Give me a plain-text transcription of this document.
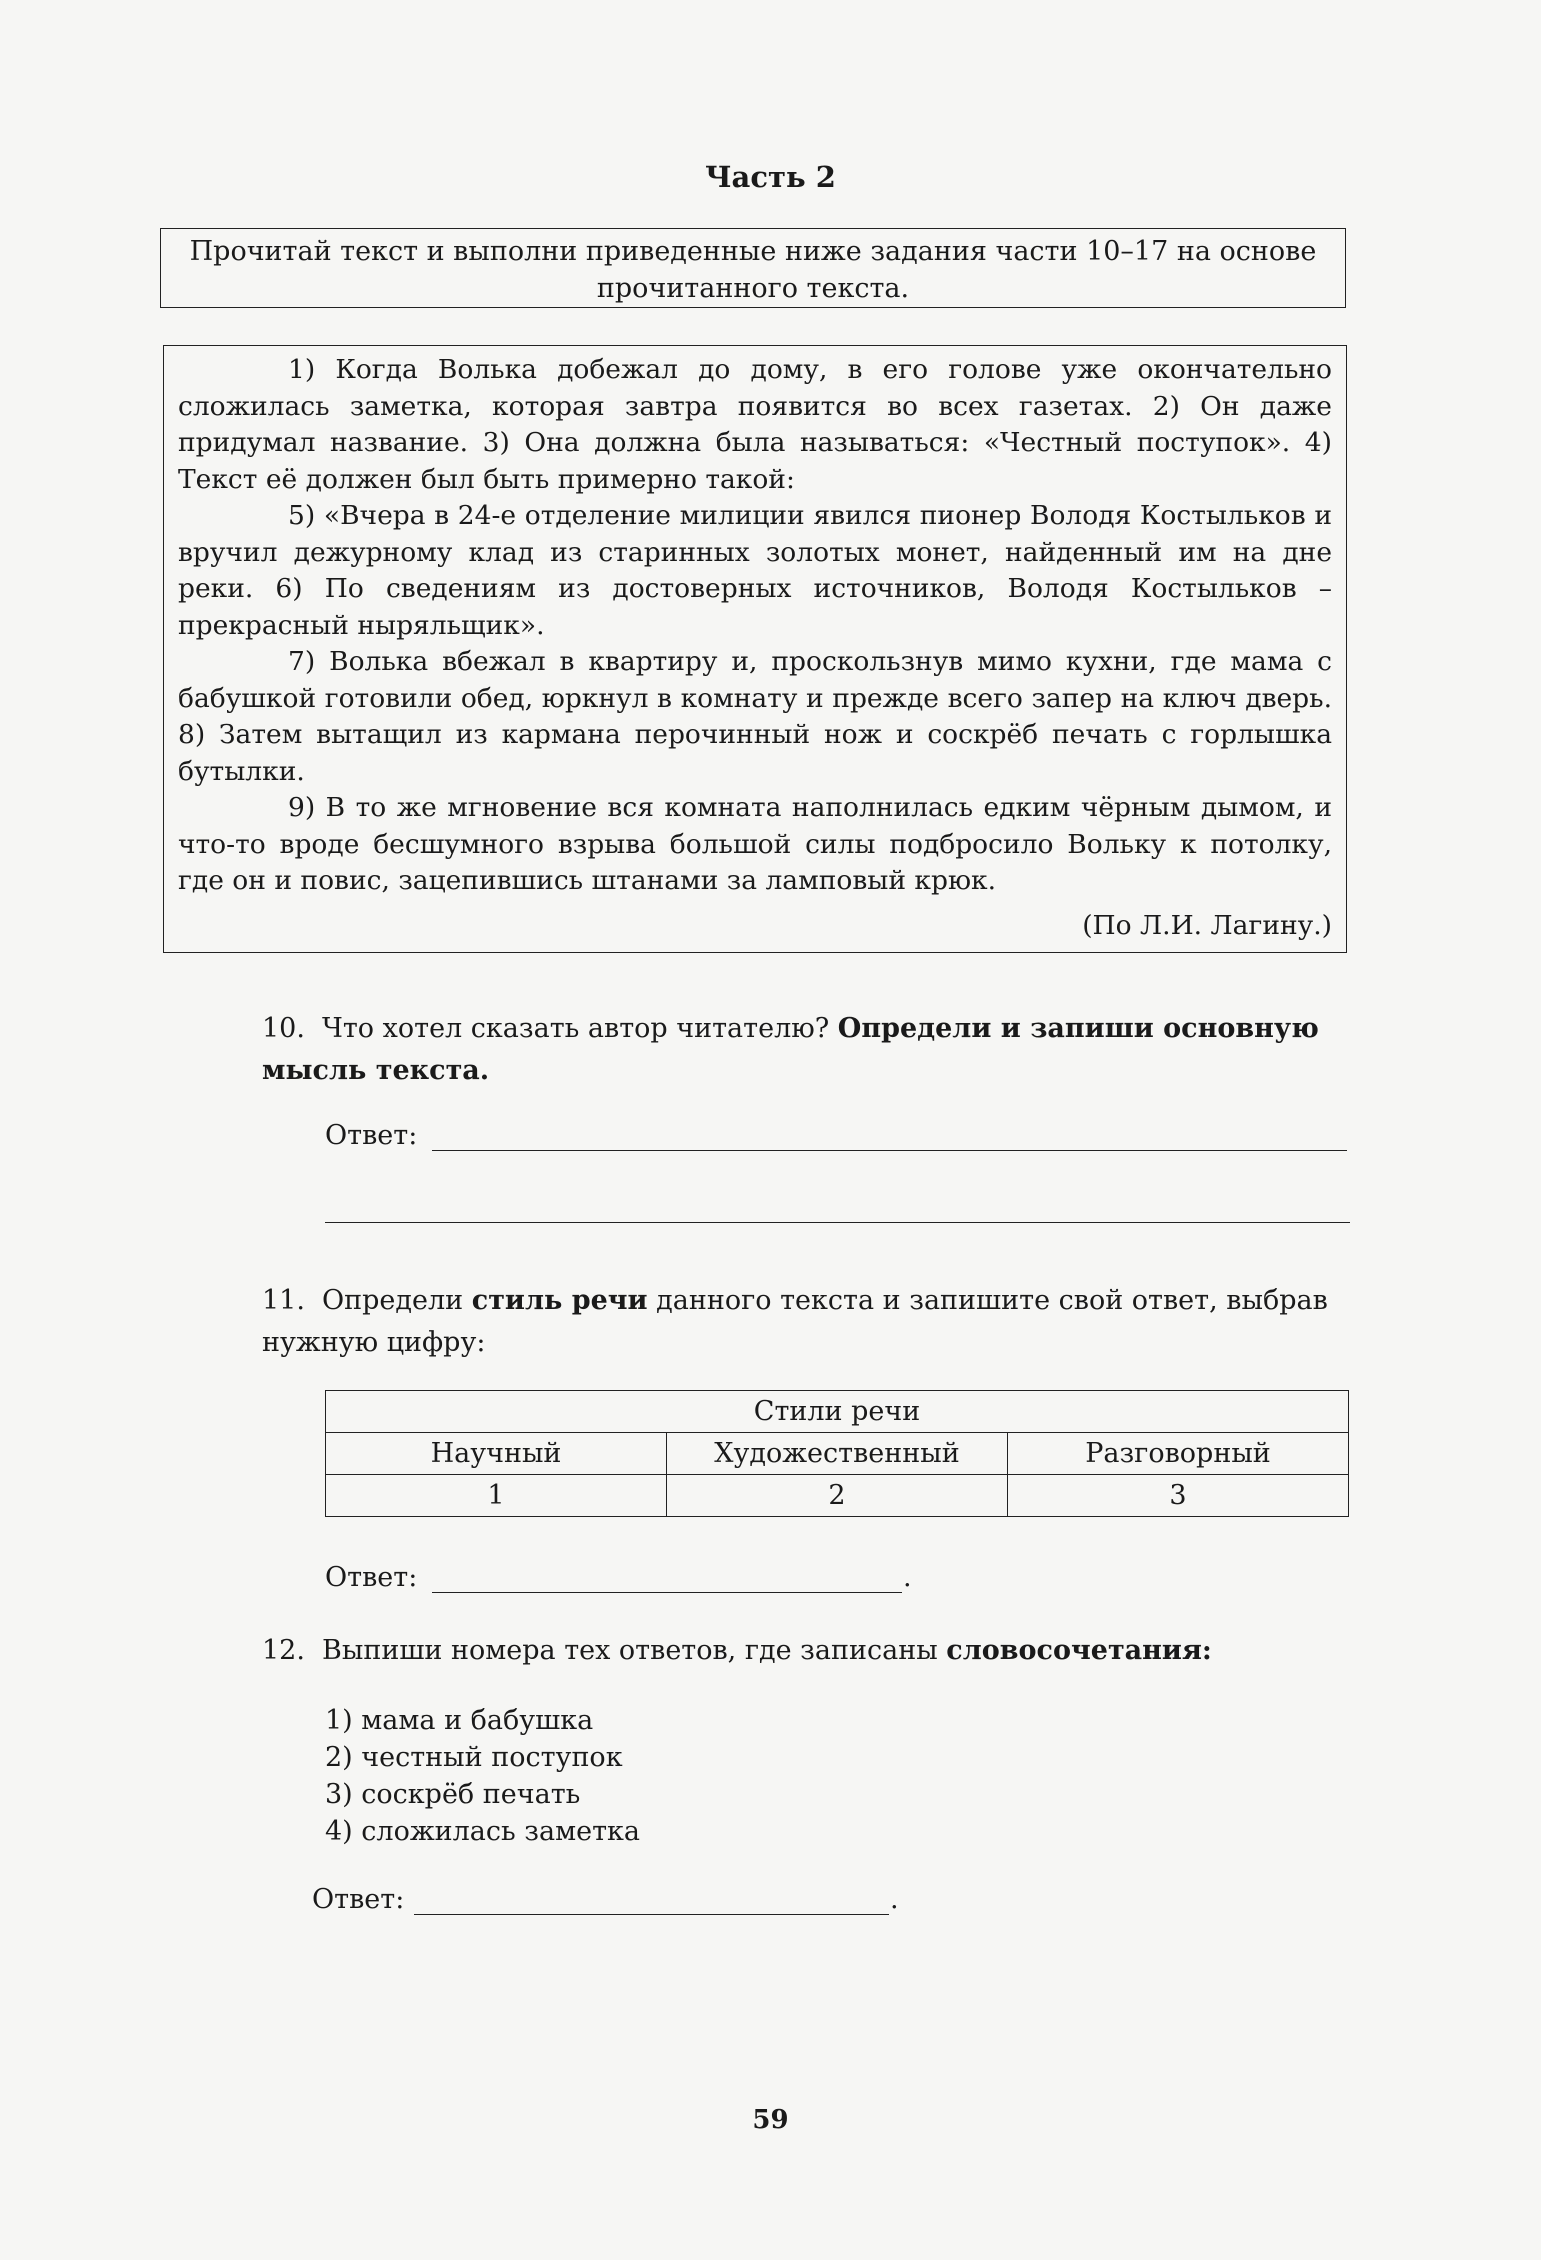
Часть 2
Прочитай текст и выполни приведенные ниже задания части 10–17 на основе прочитанного текста.

1) Когда Волька добежал до дому, в его голове уже окончательно сложилась заметка, которая завтра появится во всех газетах. 2) Он даже придумал название. 3) Она должна была называться: «Честный поступок». 4) Текст её должен был быть примерно такой:

5) «Вчера в 24-е отделение милиции явился пионер Володя Костыльков и вручил дежурному клад из старинных золотых монет, найденный им на дне реки. 6) По сведениям из достоверных источников, Володя Костыльков – прекрасный ныряльщик».

7) Волька вбежал в квартиру и, проскользнув мимо кухни, где мама с бабушкой готовили обед, юркнул в комнату и прежде всего запер на ключ дверь. 8) Затем вытащил из кармана перочинный нож и соскрёб печать с горлышка бутылки.

9) В то же мгновение вся комната наполнилась едким чёрным дымом, и что-то вроде бесшумного взрыва большой силы подбросило Вольку к потолку, где он и повис, зацепившись штанами за ламповый крюк.

(По Л.И. Лагину.)

10. Что хотел сказать автор читателю? Определи и запиши основную мысль текста.
Ответ:
11. Определи стиль речи данного текста и запишите свой ответ, выбрав нужную цифру:
Стили речи		
Научный	Художественный	Разговорный
1	2	3
Ответ:	.
12. Выпиши номера тех ответов, где записаны словосочетания:
1) мама и бабушка
2) честный поступок
3) соскрёб печать
4) сложилась заметка
Ответ:	.
59
